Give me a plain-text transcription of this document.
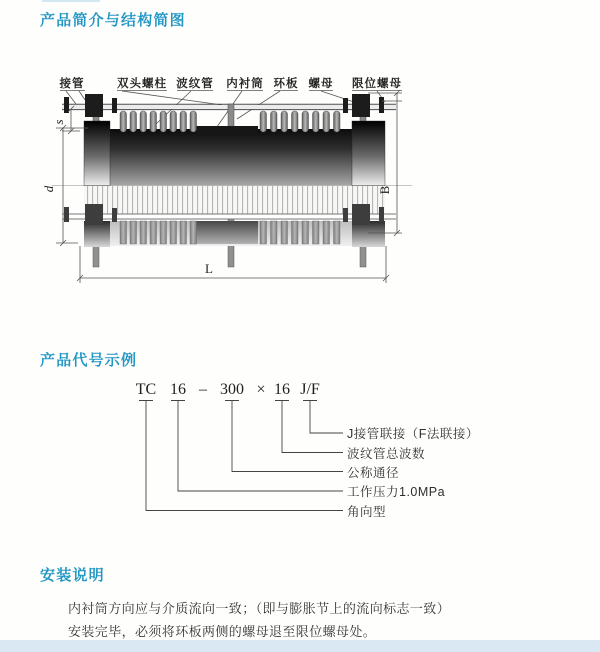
产品简介与结构简图
接管	双头螺柱 波纹管 内衬筒 环板 螺母 限位螺母
s
d	B
L
产品代号示例
TC 16 – 300 × 16 J/F
J接管联接（F法联接）
波纹管总波数
公称通径
工作压力1.0MPa
角向型
安装说明
内衬筒方向应与介质流向一致；（即与膨胀节上的流向标志一致）
安装完毕，必须将环板两侧的螺母退至限位螺母处。
